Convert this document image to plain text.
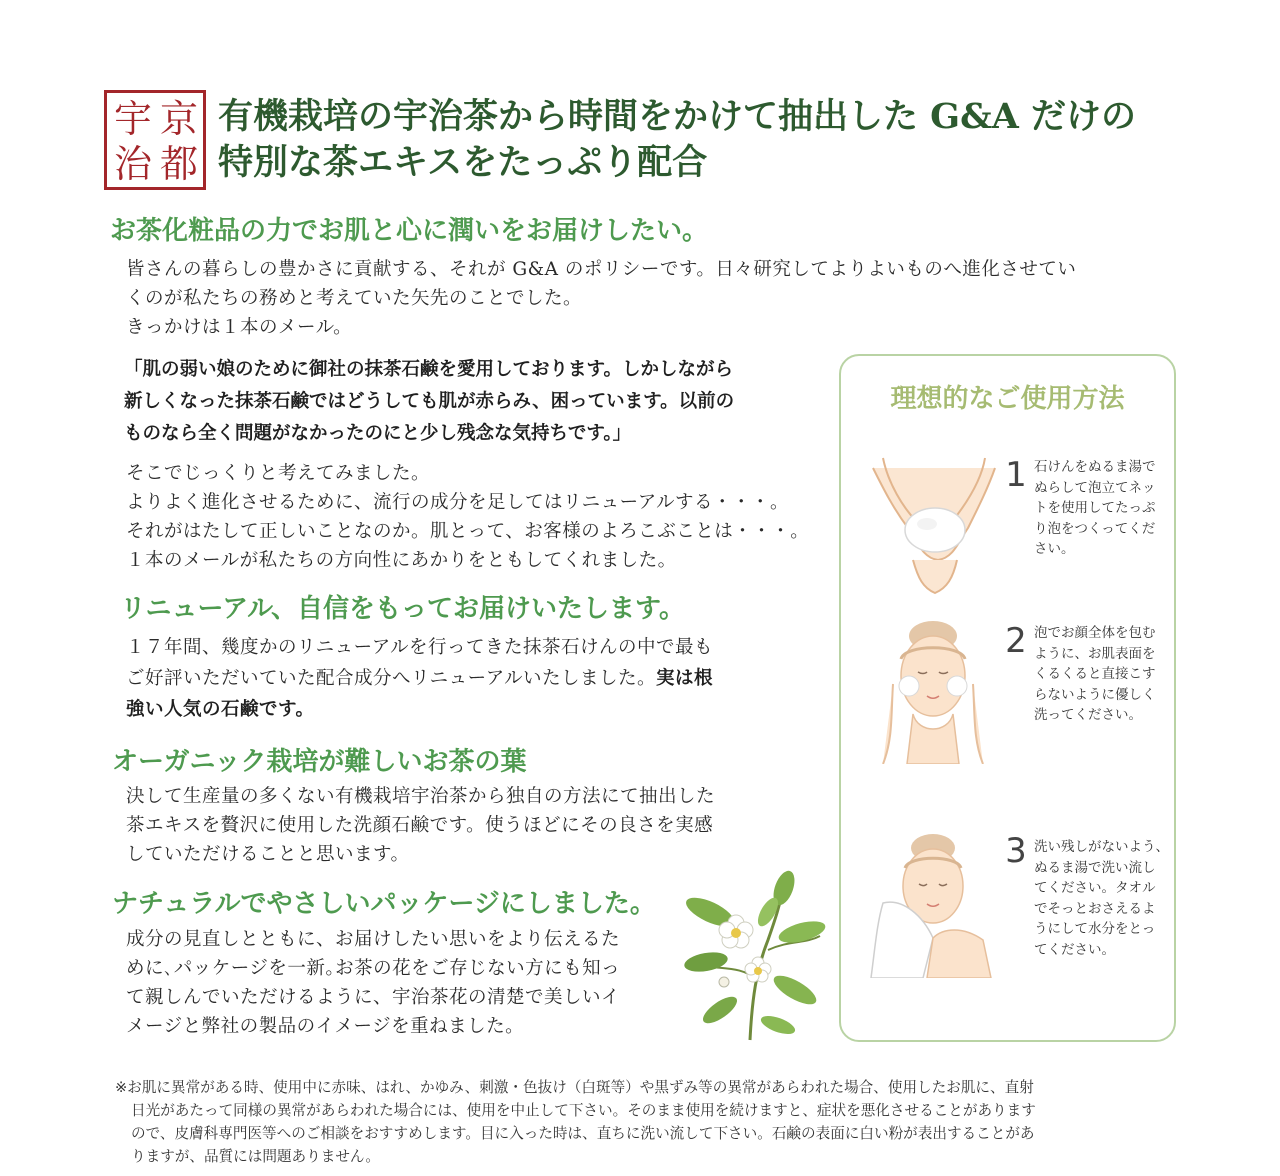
宇 京
治 都
有機栽培の宇治茶から時間をかけて抽出した G&A だけの
特別な茶エキスをたっぷり配合
お茶化粧品の力でお肌と心に潤いをお届けしたい。
皆さんの暮らしの豊かさに貢献する、それが G&A のポリシーです。日々研究してよりよいものへ進化させてい
くのが私たちの務めと考えていた矢先のことでした。
きっかけは１本のメール。
「肌の弱い娘のために御社の抹茶石鹸を愛用しております。しかしながら
新しくなった抹茶石鹸ではどうしても肌が赤らみ、困っています。以前の
ものなら全く問題がなかったのにと少し残念な気持ちです。」
そこでじっくりと考えてみました。
よりよく進化させるために、流行の成分を足してはリニューアルする・・・。
それがはたして正しいことなのか。肌とって、お客様のよろこぶことは・・・。
１本のメールが私たちの方向性にあかりをともしてくれました。
リニューアル、自信をもってお届けいたします。
１７年間、幾度かのリニューアルを行ってきた抹茶石けんの中で最も
ご好評いただいていた配合成分へリニューアルいたしました。実は根
強い人気の石鹸です。
オーガニック栽培が難しいお茶の葉
決して生産量の多くない有機栽培宇治茶から独自の方法にて抽出した
茶エキスを贅沢に使用した洗顔石鹸です。使うほどにその良さを実感
していただけることと思います。
ナチュラルでやさしいパッケージにしました。
成分の見直しとともに、お届けしたい思いをより伝えるた
めに､パッケージを一新｡お茶の花をご存じない方にも知っ
て親しんでいただけるように、宇治茶花の清楚で美しいイ
メージと弊社の製品のイメージを重ねました。
理想的なご使用方法
1 石けんをぬるま湯で
ぬらして泡立てネッ
トを使用してたっぷ
り泡をつくってくだ
さい。
2 泡でお顔全体を包む
ように、お肌表面を
くるくると直接こす
らないように優しく
洗ってください。
3 洗い残しがないよう、
ぬるま湯で洗い流し
てください。タオル
でそっとおさえるよ
うにして水分をとっ
てください。
※お肌に異常がある時、使用中に赤味、はれ、かゆみ、刺激・色抜け（白斑等）や黒ずみ等の異常があらわれた場合、使用したお肌に、直射
日光があたって同様の異常があらわれた場合には、使用を中止して下さい。そのまま使用を続けますと、症状を悪化させることがあります
ので、皮膚科専門医等へのご相談をおすすめします。目に入った時は、直ちに洗い流して下さい。石鹸の表面に白い粉が表出することがあ
りますが、品質には問題ありません。
